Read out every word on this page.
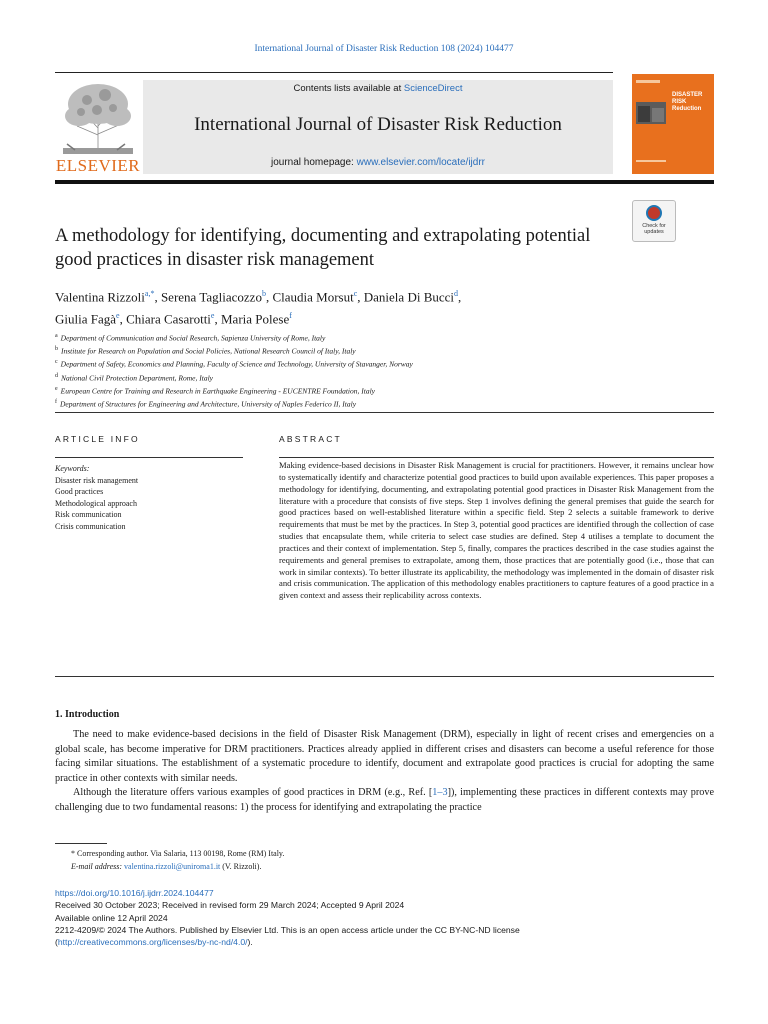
International Journal of Disaster Risk Reduction 108 (2024) 104477
ELSEVIER
Contents lists available at ScienceDirect
International Journal of Disaster Risk Reduction
journal homepage: www.elsevier.com/locate/ijdrr
DISASTER RISK Reduction
A methodology for identifying, documenting and extrapolating potential good practices in disaster risk management
Check for updates
Valentina Rizzoli$^{a,*}$, Serena Tagliacozzo$^b$, Claudia Morsut$^c$, Daniela Di Bucci$^d$,
Giulia Fagà$^e$, Chiara Casarotti$^e$, Maria Polese$^f$
$^a$ Department of Communication and Social Research, Sapienza University of Rome, Italy
$^b$ Institute for Research on Population and Social Policies, National Research Council of Italy, Italy
$^c$ Department of Safety, Economics and Planning, Faculty of Science and Technology, University of Stavanger, Norway
$^d$ National Civil Protection Department, Rome, Italy
$^e$ European Centre for Training and Research in Earthquake Engineering - EUCENTRE Foundation, Italy
$^f$ Department of Structures for Engineering and Architecture, University of Naples Federico II, Italy
ARTICLE INFO	ABSTRACT
Keywords:
Disaster risk management
Good practices
Methodological approach
Risk communication
Crisis communication
Making evidence-based decisions in Disaster Risk Management is crucial for practitioners. However, it remains unclear how to systematically identify and characterize potential good practices to build upon available experiences. This paper proposes a methodology for identifying, documenting, and extrapolating potential good practices in Disaster Risk Management from the literature with a procedure that consists of five steps. Step 1 involves defining the general premises that guide the search for good practices based on well-established literature within a specific field. Step 2 selects a suitable framework to derive requirements that must be met by the practices. In Step 3, potential good practices are identified through the collection of case studies that encapsulate them, while criteria to select case studies are defined. Step 4 utilises a template to document the practices and their context of implementation. Step 5, finally, compares the practices described in the case studies against the requirements and general premises to extrapolate, among them, those practices that are potentially good (i.e., those that can work in similar contexts). To better illustrate its applicability, the methodology was implemented in the domain of disaster risk and crisis communication. The application of this methodology enables practitioners to capture features of a good practice in a given context and assess their replicability across contexts.
1. Introduction

The need to make evidence-based decisions in the field of Disaster Risk Management (DRM), especially in light of recent crises and emergencies on a global scale, has become imperative for DRM practitioners. Practices already applied in different crises and disasters can become a useful reference for those facing similar situations. The establishment of a systematic procedure to identify, document and extrapolate good practices is crucial for adopting the same practice in other contexts with similar needs.

Although the literature offers various examples of good practices in DRM (e.g., Ref. [1–3]), implementing these practices in different contexts may prove challenging due to two fundamental reasons: 1) the process for identifying and extrapolating the practice

* Corresponding author. Via Salaria, 113 00198, Rome (RM) Italy.
E-mail address: valentina.rizzoli@uniroma1.it (V. Rizzoli).
https://doi.org/10.1016/j.ijdrr.2024.104477
Received 30 October 2023; Received in revised form 29 March 2024; Accepted 9 April 2024
Available online 12 April 2024
2212-4209/© 2024 The Authors. Published by Elsevier Ltd. This is an open access article under the CC BY-NC-ND license
(http://creativecommons.org/licenses/by-nc-nd/4.0/).
